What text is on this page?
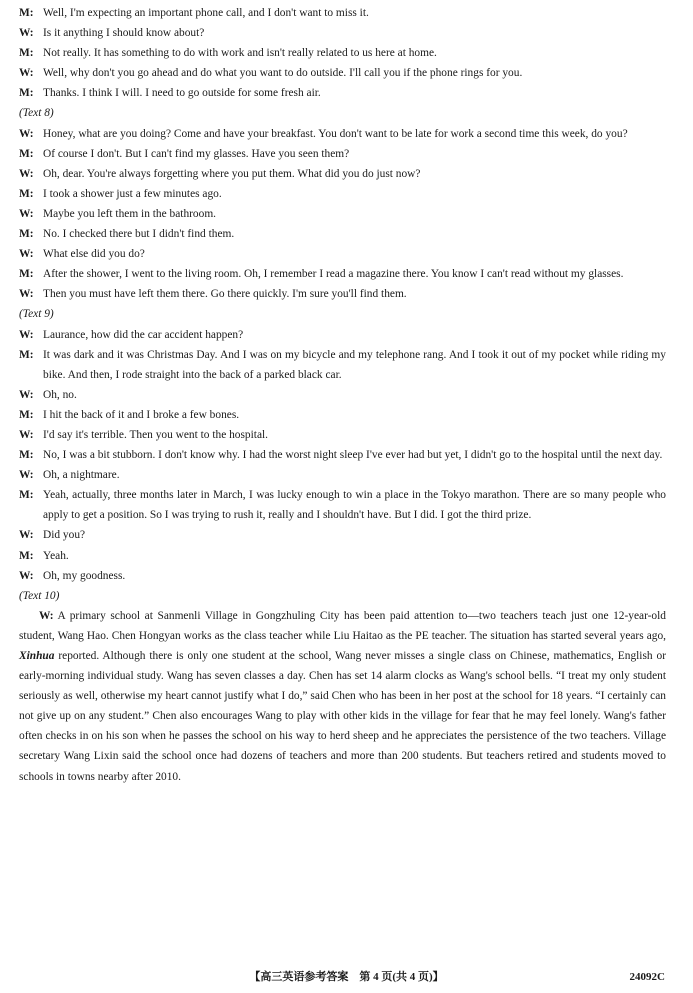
M: Well, I'm expecting an important phone call, and I don't want to miss it.
W: Is it anything I should know about?
M: Not really. It has something to do with work and isn't really related to us here at home.
W: Well, why don't you go ahead and do what you want to do outside. I'll call you if the phone rings for you.
M: Thanks. I think I will. I need to go outside for some fresh air.
(Text 8)
W: Honey, what are you doing? Come and have your breakfast. You don't want to be late for work a second time this week, do you?
M: Of course I don't. But I can't find my glasses. Have you seen them?
W: Oh, dear. You're always forgetting where you put them. What did you do just now?
M: I took a shower just a few minutes ago.
W: Maybe you left them in the bathroom.
M: No. I checked there but I didn't find them.
W: What else did you do?
M: After the shower, I went to the living room. Oh, I remember I read a magazine there. You know I can't read without my glasses.
W: Then you must have left them there. Go there quickly. I'm sure you'll find them.
(Text 9)
W: Laurance, how did the car accident happen?
M: It was dark and it was Christmas Day. And I was on my bicycle and my telephone rang. And I took it out of my pocket while riding my bike. And then, I rode straight into the back of a parked black car.
W: Oh, no.
M: I hit the back of it and I broke a few bones.
W: I'd say it's terrible. Then you went to the hospital.
M: No, I was a bit stubborn. I don't know why. I had the worst night sleep I've ever had but yet, I didn't go to the hospital until the next day.
W: Oh, a nightmare.
M: Yeah, actually, three months later in March, I was lucky enough to win a place in the Tokyo marathon. There are so many people who apply to get a position. So I was trying to rush it, really and I shouldn't have. But I did. I got the third prize.
W: Did you?
M: Yeah.
W: Oh, my goodness.
(Text 10)
W: A primary school at Sanmenli Village in Gongzhuling City has been paid attention to—two teachers teach just one 12-year-old student, Wang Hao. Chen Hongyan works as the class teacher while Liu Haitao as the PE teacher. The situation has started several years ago, Xinhua reported. Although there is only one student at the school, Wang never misses a single class on Chinese, mathematics, English or early-morning individual study. Wang has seven classes a day. Chen has set 14 alarm clocks as Wang's school bells. “I treat my only student seriously as well, otherwise my heart cannot justify what I do,” said Chen who has been in her post at the school for 18 years. “I certainly can not give up on any student.” Chen also encourages Wang to play with other kids in the village for fear that he may feel lonely. Wang's father often checks in on his son when he passes the school on his way to herd sheep and he appreciates the persistence of the two teachers. Village secretary Wang Lixin said the school once had dozens of teachers and more than 200 students. But teachers retired and students moved to schools in towns nearby after 2010.
【高三英语参考答案　第 4 页(共 4 页)】	24092C
